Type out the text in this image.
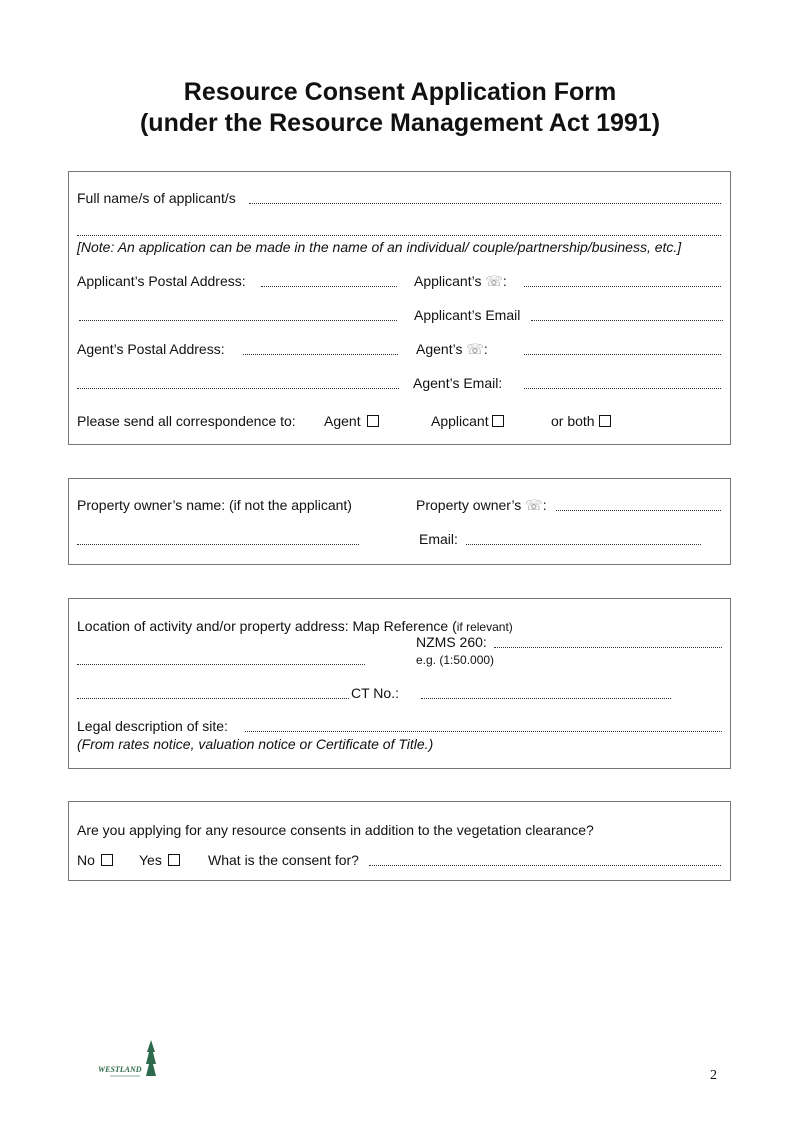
Resource Consent Application Form
(under the Resource Management Act 1991)
Full name/s of applicant/s
[Note: An application can be made in the name of an individual/ couple/partnership/business, etc.]
Applicant’s Postal Address:	Applicant’s ☏:
Applicant’s Email
Agent’s Postal Address:	Agent’s ☏:
Agent’s Email:
Please send all correspondence to: Agent	Applicant	or both
Property owner’s name: (if not the applicant)	Property owner’s ☏:
Email:
Location of activity and/or property address: Map Reference (if relevant)
NZMS 260:
e.g. (1:50.000)
CT No.:
Legal description of site:
(From rates notice, valuation notice or Certificate of Title.)
Are you applying for any resource consents in addition to the vegetation clearance?
No	Yes	What is the consent for?
WESTLAND	2
